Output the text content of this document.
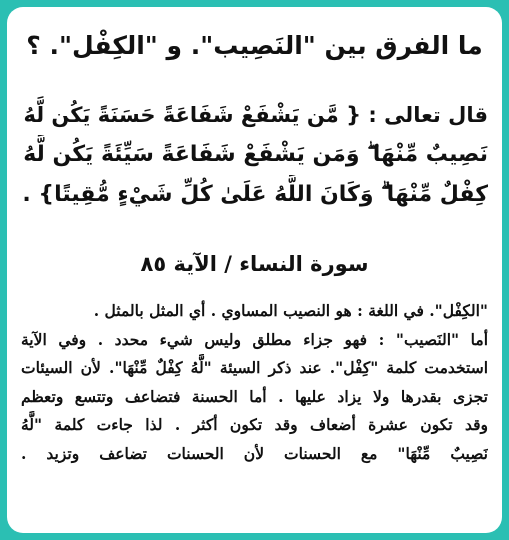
ما الفرق بين "النَصِيب". و "الكِفْل". ؟
قال تعالى : { مَّن يَشْفَعْ شَفَاعَةً حَسَنَةً يَكُن لَّهُ
نَصِيبٌ مِّنْهَا ۖ وَمَن يَشْفَعْ شَفَاعَةً سَيِّئَةً يَكُن لَّهُ
كِفْلٌ مِّنْهَا ۗ وَكَانَ اللَّهُ عَلَىٰ كُلِّ شَيْءٍ مُّقِيتًا} .
سورة النساء / الآية ٨٥
"الكِفْل". في اللغة : هو النصيب المساوي . أي المثل بالمثل .
أما "النَصيب" : فهو جزاء مطلق وليس شيء محدد . وفي الآية
استخدمت كلمة "كِفْل". عند ذكر السيئة "لَّهُ كِفْلٌ مِّنْهَا". لأن السيئات
تجزى بقدرها ولا يزاد عليها . أما الحسنة فتضاعف وتتسع وتعظم
وقد تكون عشرة أضعاف وقد تكون أكثر . لذا جاءت كلمة "لَّهُ
نَصِيبٌ مِّنْهَا" مع الحسنات لأن الحسنات تضاعف وتزيد .
